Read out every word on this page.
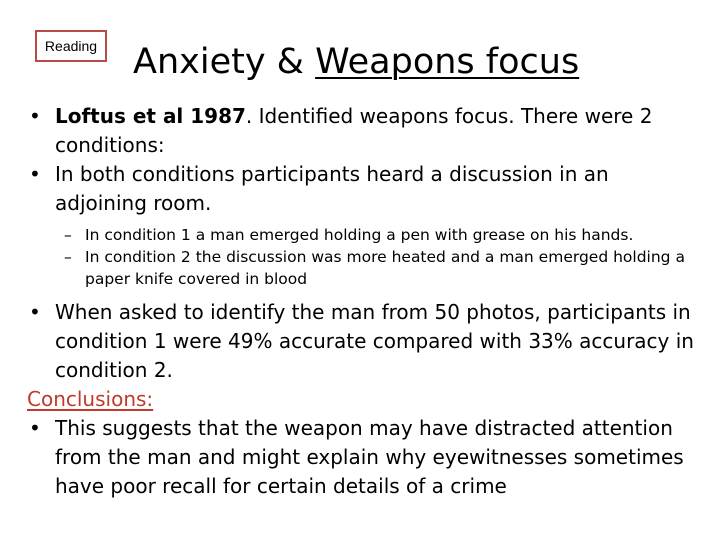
Reading Anxiety & Weapons focus
• Loftus et al 1987. Identified weapons focus. There were 2 conditions:
• In both conditions participants heard a discussion in an adjoining room.
– In condition 1 a man emerged holding a pen with grease on his hands.
– In condition 2 the discussion was more heated and a man emerged holding a paper knife covered in blood
• When asked to identify the man from 50 photos, participants in condition 1 were 49% accurate compared with 33% accuracy in condition 2.
Conclusions:
• This suggests that the weapon may have distracted attention from the man and might explain why eyewitnesses sometimes have poor recall for certain details of a crime
